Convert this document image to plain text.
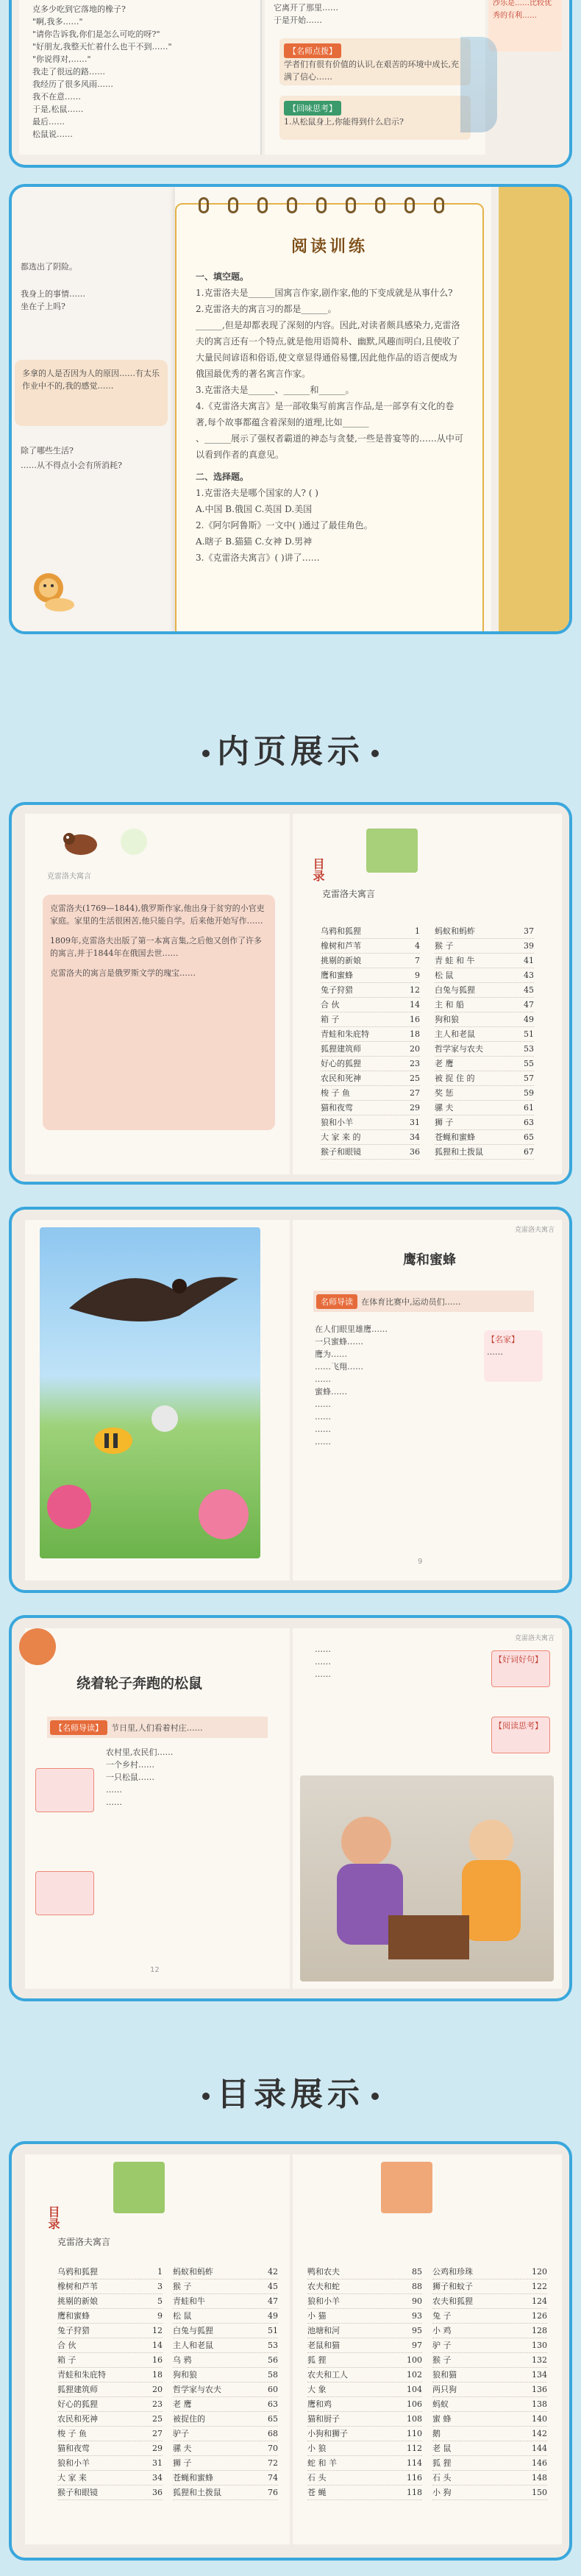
克多少吃到它落地的橡子?
"啊,我多……"
"请你告诉我,你们是怎么可吃的呀?"
"好朋友,我整天忙着什么也干不到……"
"你说得对,……"
我走了很远的路……
我经历了很多风雨……
我不在意……
于是,松鼠……
最后……
松鼠说……
它离开了那里……
于是开始……
【名师点拨】
学者们有很有价值的认识,在艰苦的环境中成长,充满了信心……
【回味思考】
1.从松鼠身上,你能得到什么启示?
沙乐是……比较优秀的有利……
都选出了阴险。
我身上的事情……
坐在子上吗?
多拿的人是否因为人的原因……有太乐作业中不的,我的感觉……
除了哪些生活?
……从不得点小会有所消耗?
阅读训练
一、填空题。
1.克雷洛夫是______国寓言作家,剧作家,他的下变成就是从事什么?
2.克雷洛夫的寓言习的都是______。
______,但是却都表现了深刻的内容。因此,对读者颇具感染力,克雷洛夫的寓言还有一个特点,就是他用语简朴、幽默,风趣而明白,且使收了大量民间谚语和俗语,使文章显得通俗易懂,因此他作品的语言便成为俄国最优秀的著名寓言作家。
3.克雷洛夫是______、______和______。
4.《克雷洛夫寓言》是一部收集写前寓言作品,是一部享有文化的卷著,每个故事都蕴含着深刻的道理,比如______
、______展示了强权者霸道的神态与贪婪,一些是普宴等的……从中可以看到作者的真意见。
二、选择题。
1.克雷洛夫是哪个国家的人? ( )
A.中国 B.俄国 C.英国 D.美国
2.《阿尔阿鲁斯》一文中( )通过了最佳角色。
A.瞎子 B.猫猫 C.女神 D.男神
3.《克雷洛夫寓言》( )讲了……
内页展示
克雷洛夫寓言
克雷洛夫(1769—1844),俄罗斯作家,他出身于贫穷的小官吏家庭。家里的生活很困苦,他只能自学。后来他开始写作……
1809年,克雷洛夫出版了第一本寓言集,之后他又创作了许多的寓言,并于1844年在俄国去世……
克雷洛夫的寓言是俄罗斯文学的瑰宝……
目录
克雷洛夫寓言
乌鸦和狐狸	1
橡树和芦苇	4
挑剔的新娘	7
鹰和蜜蜂	9
兔子狩猎	12
合 伙	14
箱 子	16
青蛙和朱庇特	18
狐狸建筑师	20
好心的狐狸	23
农民和死神	25
梭 子 鱼	27
猫和夜莺	29
狼和小羊	31
大 家 来 的	34
猴子和眼镜	36
蚂蚁和蚂蚱	37
猴 子	39
青 蛙 和 牛	41
松 鼠	43
白兔与狐狸	45
主 和 船	47
狗和狼	49
主人和老鼠	51
哲学家与农夫	53
老 鹰	55
被 捉 住 的	57
奖 惩	59
骡 夫	61
狮 子	63
苍蝇和蜜蜂	65
狐狸和土拨鼠	67
克雷洛夫寓言
鹰和蜜蜂
名师导读 在体育比赛中,运动员们……
在人们眼里雄鹰……
一只蜜蜂……
鹰为……
……飞翔……
……
蜜蜂……
……
……
……
……
【名家】
……
9
绕着轮子奔跑的松鼠
【名师导读】 节日里,人们看着村庄……
农村里,农民们……
一个乡村……
一只松鼠……
……
……
12
克雷洛夫寓言
……
……
……
【好词好句】
【阅读思考】
目录展示
目录
克雷洛夫寓言
乌鸦和狐狸	1
橡树和芦苇	3
挑剔的新娘	5
鹰和蜜蜂	9
兔子狩猎	12
合 伙	14
箱 子	16
青蛙和朱庇特	18
狐狸建筑师	20
好心的狐狸	23
农民和死神	25
梭 子 鱼	27
猫和夜莺	29
狼和小羊	31
大 家 来	34
猴子和眼镜	36
蚂蚁和蚂蚱	42
猴 子	45
青蛙和牛	47
松 鼠	49
白兔与狐狸	51
主人和老鼠	53
乌 鸦	56
狗和狼	58
哲学家与农夫	60
老 鹰	63
被捉住的	65
驴子	68
骡 夫	70
狮 子	72
苍蝇和蜜蜂	74
狐狸和土拨鼠	76
鸭和农夫	85
农夫和蛇	88
狼和小羊	90
小 猫	93
池塘和河	95
老鼠和猫	97
狐 狸	100
农夫和工人	102
大 象	104
鹰和鸡	106
猫和厨子	108
小狗和狮子	110
小 狼	112
蛇 和 羊	114
石 头	116
苍 蝇	118
公鸡和珍珠	120
狮子和蚊子	122
农夫和狐狸	124
兔 子	126
小 鸡	128
驴 子	130
猴 子	132
狼和猫	134
两只狗	136
蚂蚁	138
蜜 蜂	140
鹅	142
老 鼠	144
狐 狸	146
石 头	148
小 狗	150
